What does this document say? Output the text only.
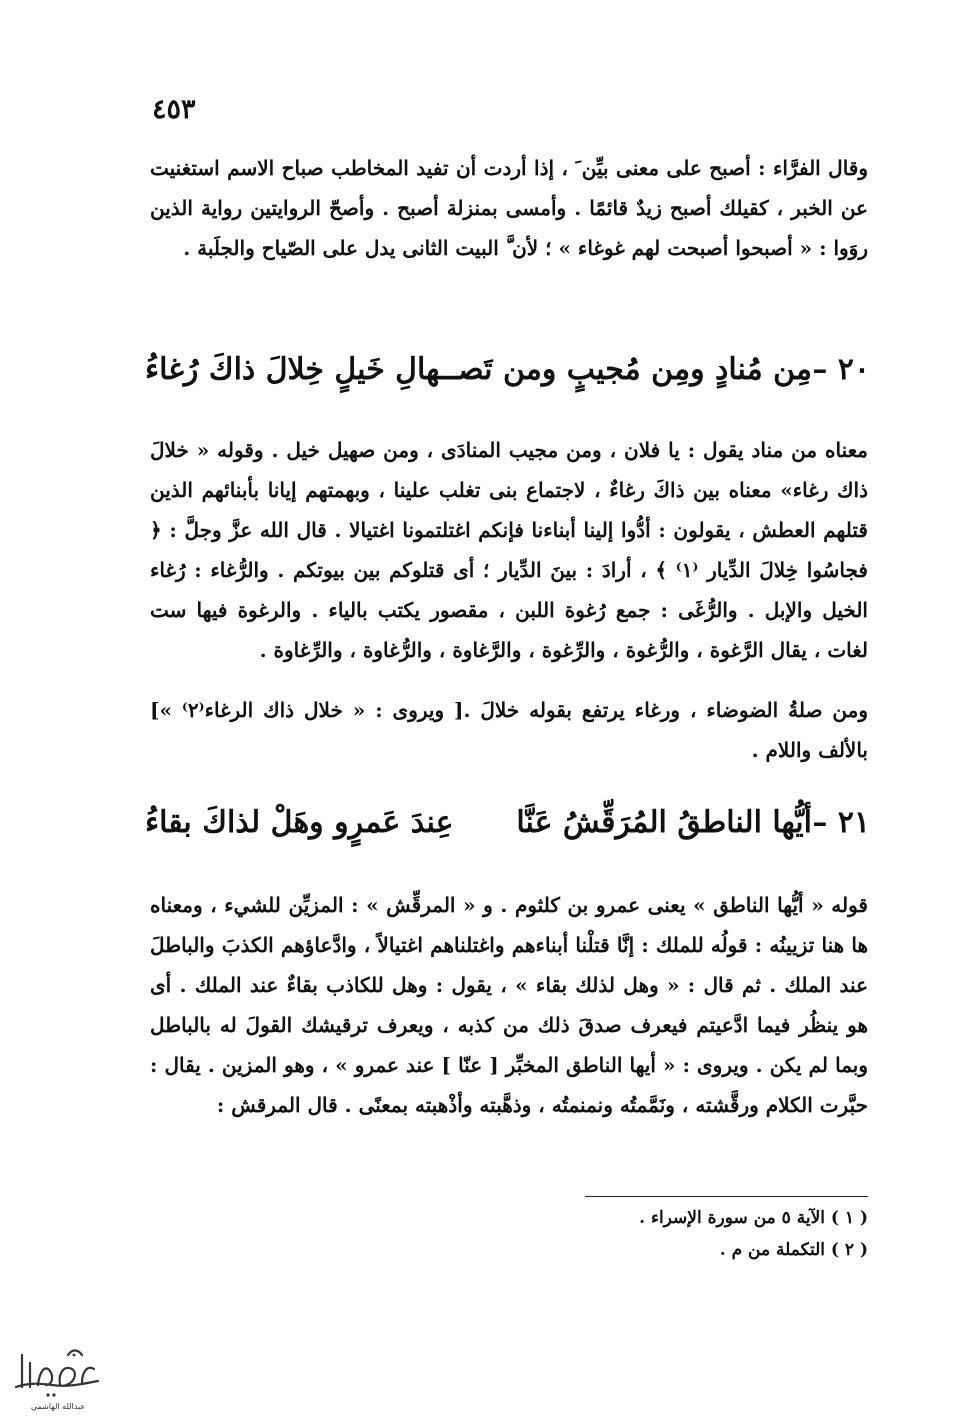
٤٥٣

وقال الفرَّاء : أصبح على معنى بيِّن َ ، إذا أردت أن تفيد المخاطب صباح الاسم استغنيت عن الخبر ، كقيلك أصبح زيدٌ قائمًا . وأمسى بمنزلة أصبح . وأصحّ الروايتين رواية الذين روَوا : « أصبحوا أصبحت لهم غوغاء » ؛ لأن َّ البيت الثانى يدل على الصّياح والجلَبة .

٢٠ –
مِن مُنادٍ ومِن مُجيبٍ ومن تَصـ
ـهالِ خَيلٍ خِلالَ ذاكَ رُغاءُ

معناه من مناد يقول : يا فلان ، ومن مجيب المنادَى ، ومن صهيل خيل . وقوله « خلالَ ذاك رغاء» معناه بين ذاكَ رغاءٌ ، لاجتماع بنى تغلب علينا ، وبهمتهم إيانا بأبنائهم الذين قتلهم العطش ، يقولون : أدُّوا إلينا أبناءنا فإنكم اغتلتمونا اغتيالا . قال الله عزَّ وجلَّ : ﴿ فجاسُوا خِلالَ الدِّيار ⁽١⁾ ﴾ ، أرادَ : بينَ الدِّيار ؛ أى قتلوكم بين بيوتكم . والرُّغاء : رُغاء الخيل والإبل . والرُّغَى : جمع رُغوة اللبن ، مقصور يكتب بالياء . والرغوة فيها ست لغات ، يقال الرَّغوة ، والرُّغوة ، والرِّغوة ، والرَّغاوة ، والرُّغاوة ، والرِّغاوة .

ومن صلةُ الضوضاء ، ورغاء يرتفع بقوله خلالَ .[ ويروى : « خلال ذاك الرغاء⁽٢⁾ »] بالألف واللام .

٢١ –
أيُّها الناطقُ المُرَقِّشُ عَنَّا
عِندَ عَمرٍو وهَلْ لذاكَ بقاءُ

قوله « أيُّها الناطق » يعنى عمرو بن كلثوم . و « المرقِّش » : المزيِّن للشيء ، ومعناه ها هنا تزيينُه : قولُه للملك : إنَّا قتلْنا أبناءهم واغتلناهم اغتيالاً ، وادَّعاؤهم الكذبَ والباطلَ عند الملك . ثم قال : « وهل لذلك بقاء » ، يقول : وهل للكاذب بقاءٌ عند الملك . أى هو ينظُر فيما ادَّعيتم فيعرف صدقَ ذلك من كذبه ، ويعرف ترقيشك القولَ له بالباطل وبما لم يكن . ويروى : « أيها الناطق المخبِّر [ عنّا ] عند عمرو » ، وهو المزين . يقال : حبَّرت الكلام ورقَّشته ، ونَمَّمتُه ونمنمتُه ، وذهَّبته وأذْهبته بمعنًى . قال المرقش :

( ١ ) الآية ٥ من سورة الإسراء .
( ٢ ) التكملة من م .
عبدالله الهاشمي
